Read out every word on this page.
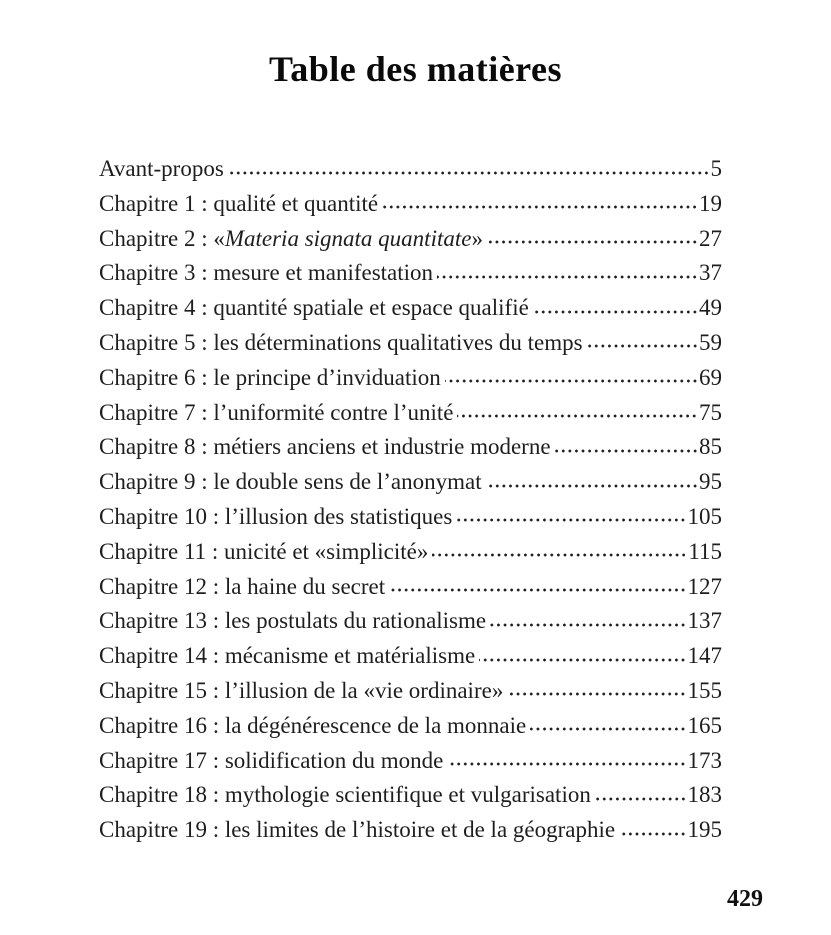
Table des matières
Avant-propos	5
Chapitre 1 : qualité et quantité	19
Chapitre 2 : «Materia signata quantitate»	27
Chapitre 3 : mesure et manifestation	37
Chapitre 4 : quantité spatiale et espace qualifié	49
Chapitre 5 : les déterminations qualitatives du temps	59
Chapitre 6 : le principe d’inviduation	69
Chapitre 7 : l’uniformité contre l’unité	75
Chapitre 8 : métiers anciens et industrie moderne	85
Chapitre 9 : le double sens de l’anonymat	95
Chapitre 10 : l’illusion des statistiques	105
Chapitre 11 : unicité et «simplicité»	115
Chapitre 12 : la haine du secret	127
Chapitre 13 : les postulats du rationalisme	137
Chapitre 14 : mécanisme et matérialisme	147
Chapitre 15 : l’illusion de la «vie ordinaire»	155
Chapitre 16 : la dégénérescence de la monnaie	165
Chapitre 17 : solidification du monde	173
Chapitre 18 : mythologie scientifique et vulgarisation	183
Chapitre 19 : les limites de l’histoire et de la géographie	195
429
